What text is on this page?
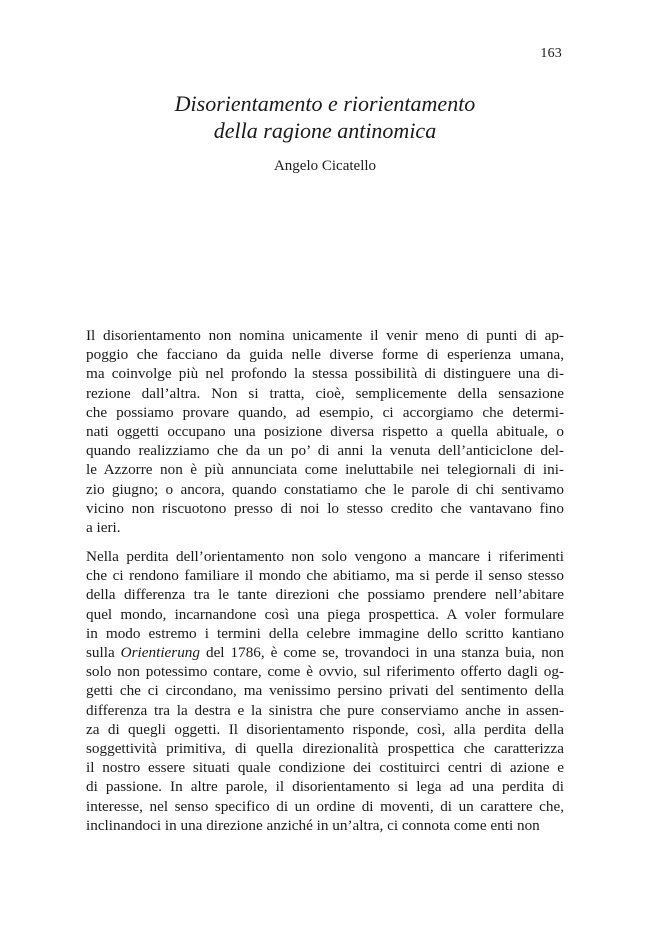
163
Disorientamento e riorientamento
della ragione antinomica

Angelo Cicatello

Il disorientamento non nomina unicamente il venir meno di punti di ap-
poggio che facciano da guida nelle diverse forme di esperienza umana,
ma coinvolge più nel profondo la stessa possibilità di distinguere una di-
rezione dall’altra. Non si tratta, cioè, semplicemente della sensazione
che possiamo provare quando, ad esempio, ci accorgiamo che determi-
nati oggetti occupano una posizione diversa rispetto a quella abituale, o
quando realizziamo che da un po’ di anni la venuta dell’anticiclone del-
le Azzorre non è più annunciata come ineluttabile nei telegiornali di ini-
zio giugno; o ancora, quando constatiamo che le parole di chi sentivamo
vicino non riscuotono presso di noi lo stesso credito che vantavano fino
a ieri.

Nella perdita dell’orientamento non solo vengono a mancare i riferimenti
che ci rendono familiare il mondo che abitiamo, ma si perde il senso stesso
della differenza tra le tante direzioni che possiamo prendere nell’abitare
quel mondo, incarnandone così una piega prospettica. A voler formulare
in modo estremo i termini della celebre immagine dello scritto kantiano
sulla Orientierung del 1786, è come se, trovandoci in una stanza buia, non
solo non potessimo contare, come è ovvio, sul riferimento offerto dagli og-
getti che ci circondano, ma venissimo persino privati del sentimento della
differenza tra la destra e la sinistra che pure conserviamo anche in assen-
za di quegli oggetti. Il disorientamento risponde, così, alla perdita della
soggettività primitiva, di quella direzionalità prospettica che caratterizza
il nostro essere situati quale condizione dei costituirci centri di azione e
di passione. In altre parole, il disorientamento si lega ad una perdita di
interesse, nel senso specifico di un ordine di moventi, di un carattere che,
inclinandoci in una direzione anziché in un’altra, ci connota come enti non
